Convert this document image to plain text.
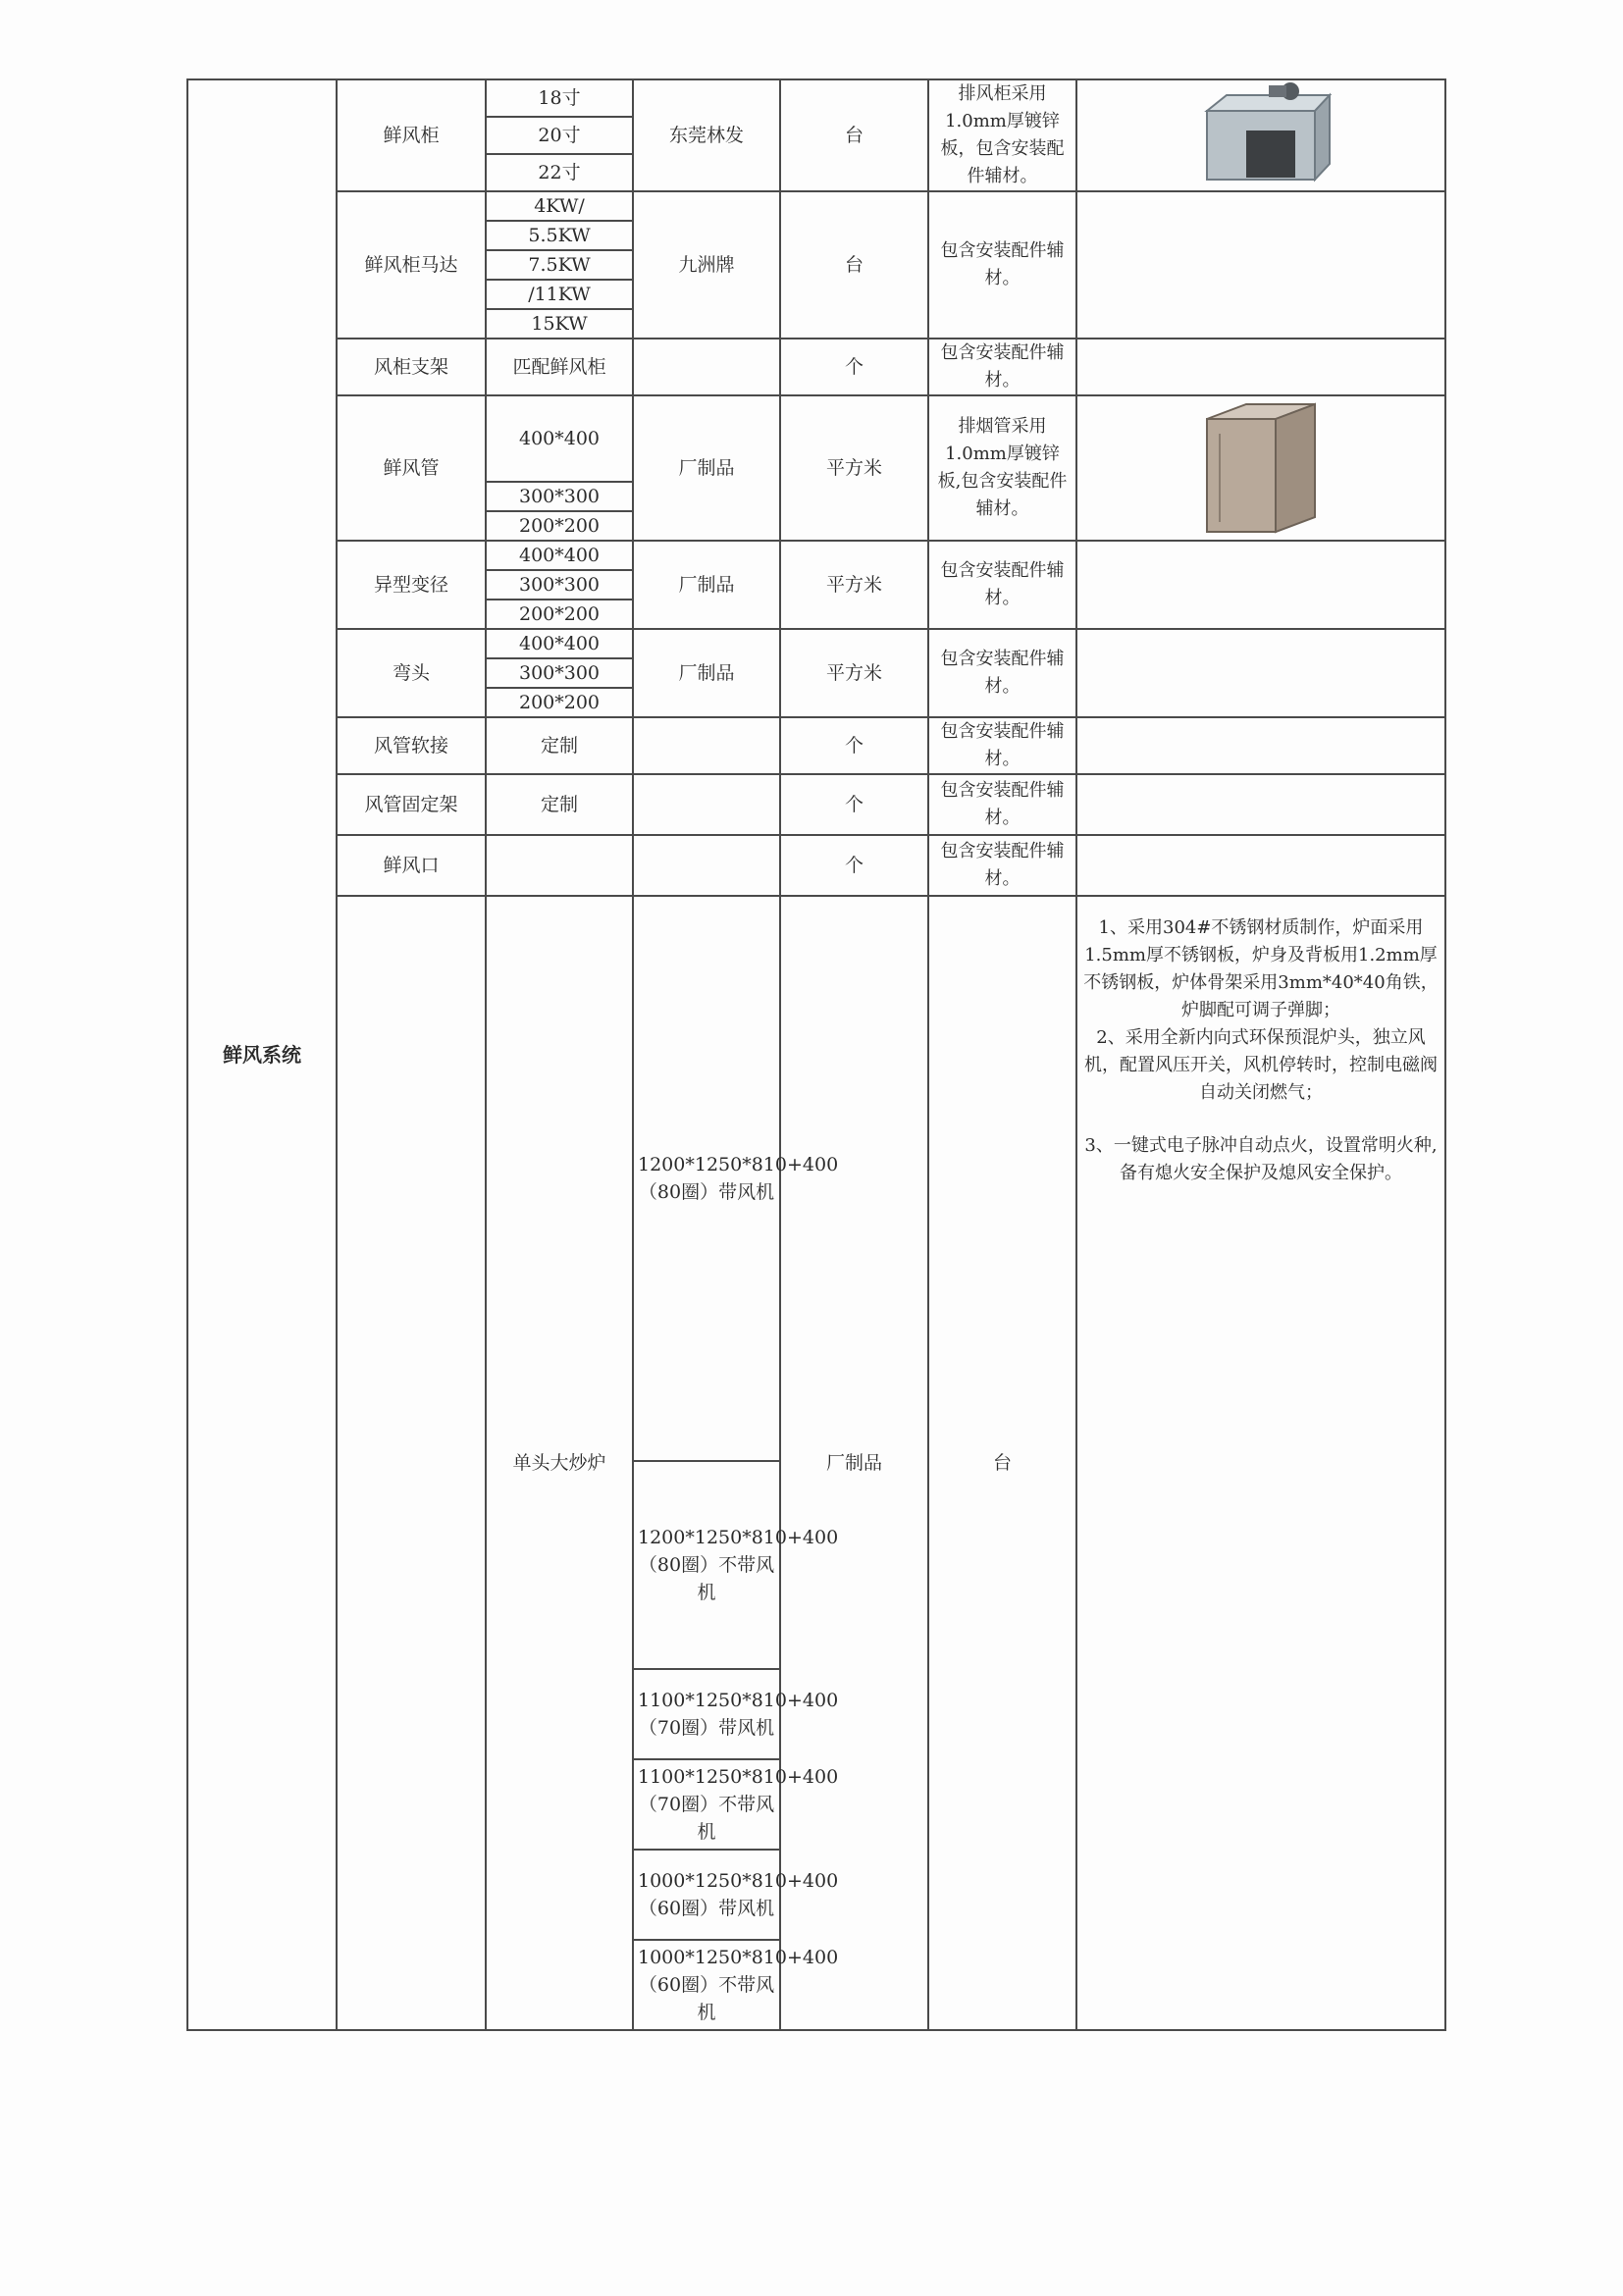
鲜风系统	鲜风柜	18寸	东莞林发	台	排风柜采用1.0mm厚镀锌板，包含安装配件辅材。	

		20寸					
		22寸					
	鲜风柜马达	4KW/	九洲牌	台	包含安装配件辅材。		
		5.5KW					
		7.5KW					
		/11KW					
		15KW					
	风柜支架	匹配鲜风柜		个	包含安装配件辅材。		
	鲜风管	400*400	厂制品	平方米	排烟管采用1.0mm厚镀锌板,包含安装配件辅材。	

		300*300					
		200*200					
	异型变径	400*400	厂制品	平方米	包含安装配件辅材。		
		300*300					
		200*200					
	弯头	400*400	厂制品	平方米	包含安装配件辅材。		
		300*300					
		200*200					
	风管软接	定制		个	包含安装配件辅材。		
	风管固定架	定制		个	包含安装配件辅材。		
	鲜风口			个	包含安装配件辅材。		
		单头大炒炉	1200*1250*810+400（80圈）带风机	厂制品	台	1、采用304#不锈钢材质制作，炉面采用1.5mm厚不锈钢板，炉身及背板用1.2mm厚不锈钢板，炉体骨架采用3mm*40*40角铁，炉脚配可调子弹脚；
2、采用全新内向式环保预混炉头，独立风机，配置风压开关，风机停转时，控制电磁阀自动关闭燃气；
3、一键式电子脉冲自动点火，设置常明火种,备有熄火安全保护及熄风安全保护。

			1200*1250*810+400（80圈）不带风机				
			1100*1250*810+400（70圈）带风机				
			1100*1250*810+400（70圈）不带风机				
			1000*1250*810+400（60圈）带风机				
			1000*1250*810+400（60圈）不带风机				
